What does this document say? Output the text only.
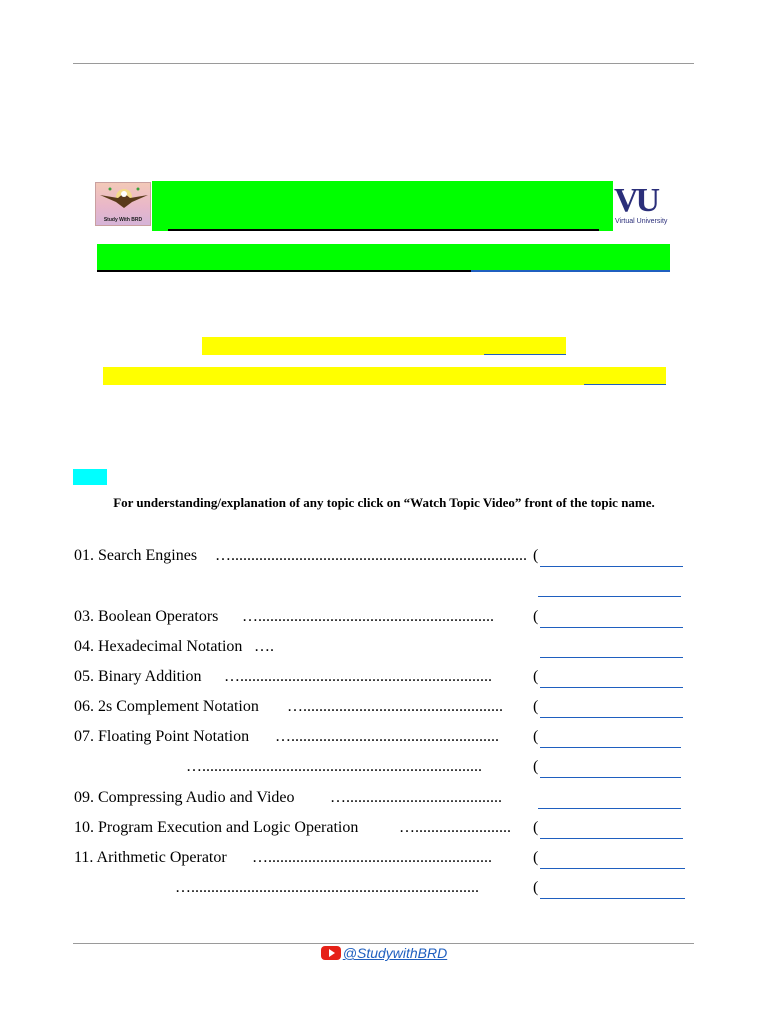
Study With BRD
VU
Virtual University
For understanding/explanation of any topic click on “Watch Topic Video” front of the topic name.
01. Search Engines ….......................................................................... (
03. Boolean Operators …........................................................... (
04. Hexadecimal Notation ….
05. Binary Addition …...............................................................	(
06. 2s Complement Notation ….................................................. (
07. Floating Point Notation ….................................................... (
…......................................................................	(
09. Compressing Audio and Video ….......................................
10. Program Execution and Logic Operation	…........................ (
11. Arithmetic Operator …........................................................	(
…........................................................................	(
@StudywithBRD
